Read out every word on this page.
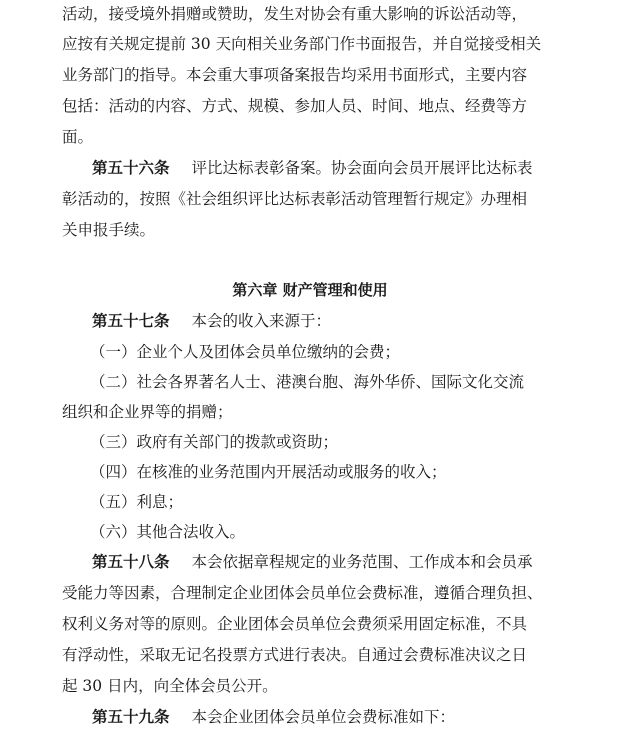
活动，接受境外捐赠或赞助，发生对协会有重大影响的诉讼活动等，
应按有关规定提前 30 天向相关业务部门作书面报告，并自觉接受相关
业务部门的指导。本会重大事项备案报告均采用书面形式，主要内容
包括：活动的内容、方式、规模、参加人员、时间、地点、经费等方
面。
第五十六条 评比达标表彰备案。协会面向会员开展评比达标表
彰活动的，按照《社会组织评比达标表彰活动管理暂行规定》办理相
关申报手续。
第六章 财产管理和使用
第五十七条 本会的收入来源于：
（一）企业个人及团体会员单位缴纳的会费；
（二）社会各界著名人士、港澳台胞、海外华侨、国际文化交流
组织和企业界等的捐赠；
（三）政府有关部门的拨款或资助；
（四）在核准的业务范围内开展活动或服务的收入；
（五）利息；
（六）其他合法收入。
第五十八条 本会依据章程规定的业务范围、工作成本和会员承
受能力等因素，合理制定企业团体会员单位会费标准，遵循合理负担、
权利义务对等的原则。企业团体会员单位会费须采用固定标准，不具
有浮动性，采取无记名投票方式进行表决。自通过会费标准决议之日
起 30 日内，向全体会员公开。
第五十九条 本会企业团体会员单位会费标准如下：
